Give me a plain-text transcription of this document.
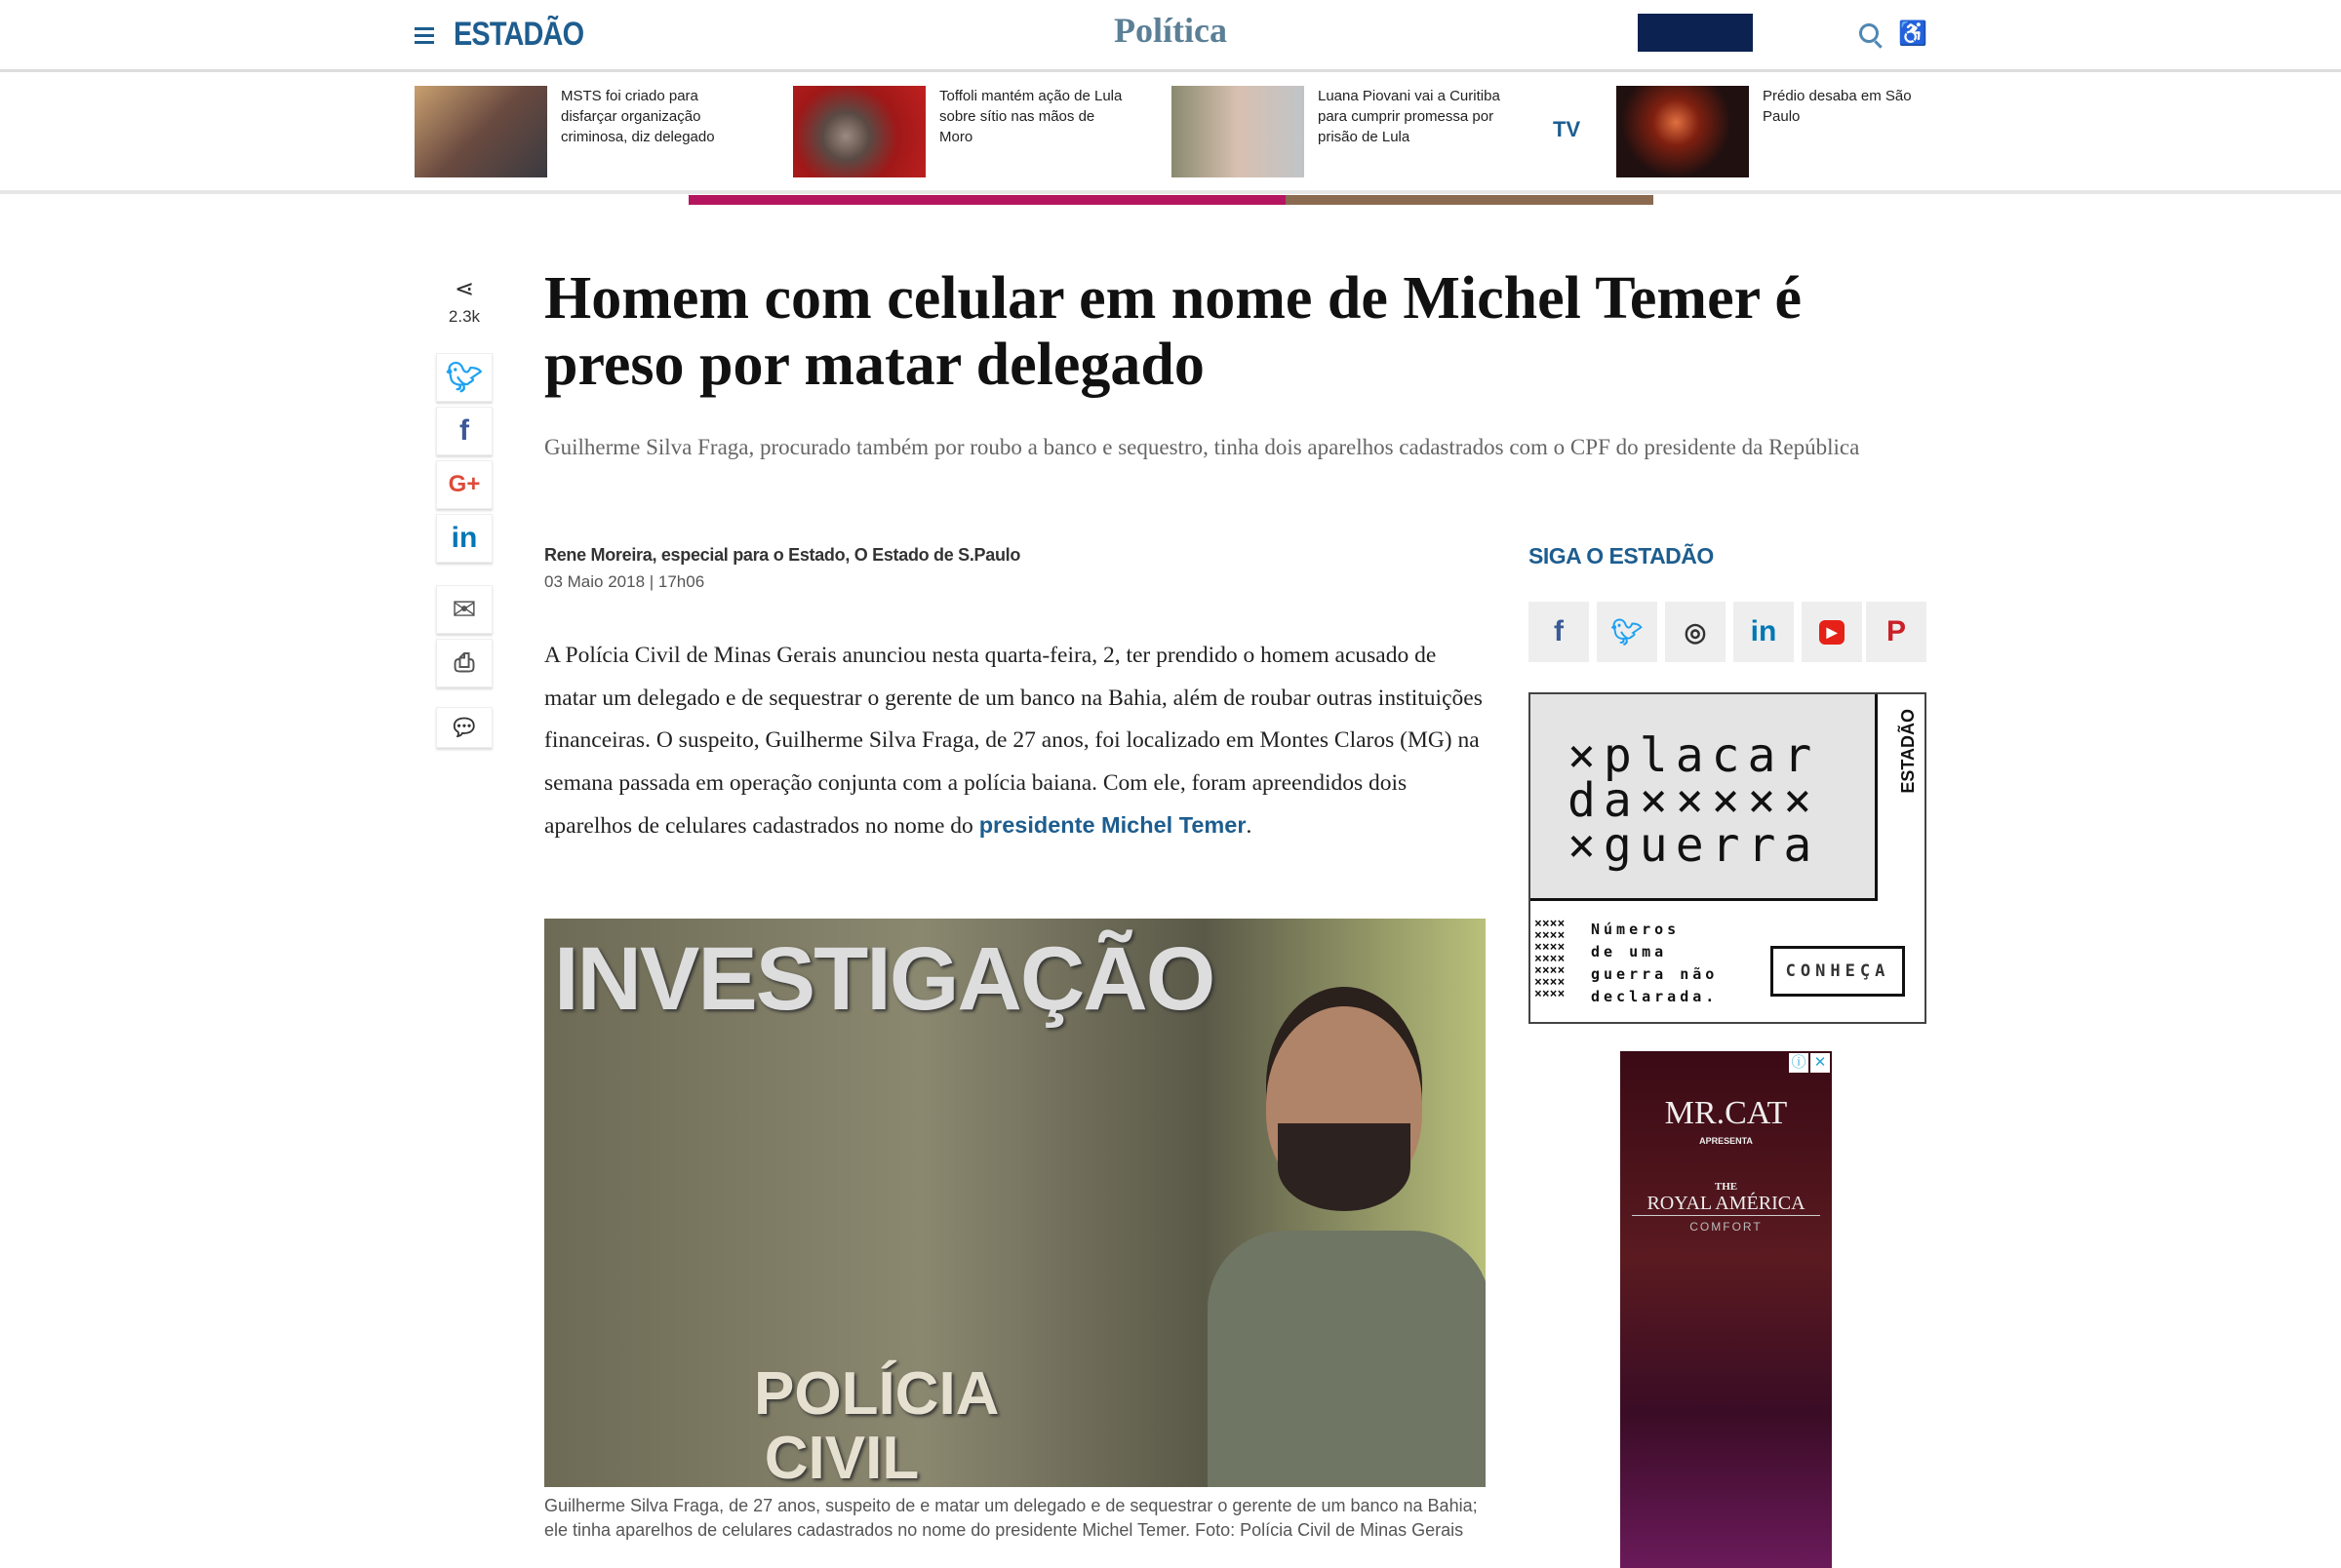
ESTADÃO	Política	♿
MSTS foi criado para disfarçar organização criminosa, diz delegado
Toffoli mantém ação de Lula sobre sítio nas mãos de Moro
Luana Piovani vai a Curitiba para cumprir promessa por prisão de Lula	TV
Prédio desaba em São Paulo
⋖
2.3k
🐦︎
f
G+
in
✉
⎙
💬︎
Homem com celular em nome de Michel Temer é preso por matar delegado
Guilherme Silva Fraga, procurado também por roubo a banco e sequestro, tinha dois aparelhos cadastrados com o CPF do presidente da República
Rene Moreira, especial para o Estado, O Estado de S.Paulo
03 Maio 2018 | 17h06
A Polícia Civil de Minas Gerais anunciou nesta quarta-feira, 2, ter prendido o homem acusado de matar um delegado e de sequestrar o gerente de um banco na Bahia, além de roubar outras instituições financeiras. O suspeito, Guilherme Silva Fraga, de 27 anos, foi localizado em Montes Claros (MG) na semana passada em operação conjunta com a polícia baiana. Com ele, foram apreendidos dois aparelhos de celulares cadastrados no nome do presidente Michel Temer.
INVESTIGAÇÃO
POLÍCIA CIVIL
Guilherme Silva Fraga, de 27 anos, suspeito de e matar um delegado e de sequestrar o gerente de um banco na Bahia; ele tinha aparelhos de celulares cadastrados no nome do presidente Michel Temer. Foto: Polícia Civil de Minas Gerais
SIGA O ESTADÃO
f 🐦︎ ◎ in	▶ P
×placar
da×××××
×guerra
ESTADÃO
××××
××××
××××
××××
××××
××××
××××
Números
de uma
guerra não
declarada.
CONHEÇA
ⓘ ✕
MR.CAT
APRESENTA
THE
ROYAL AMÉRICA
COMFORT
